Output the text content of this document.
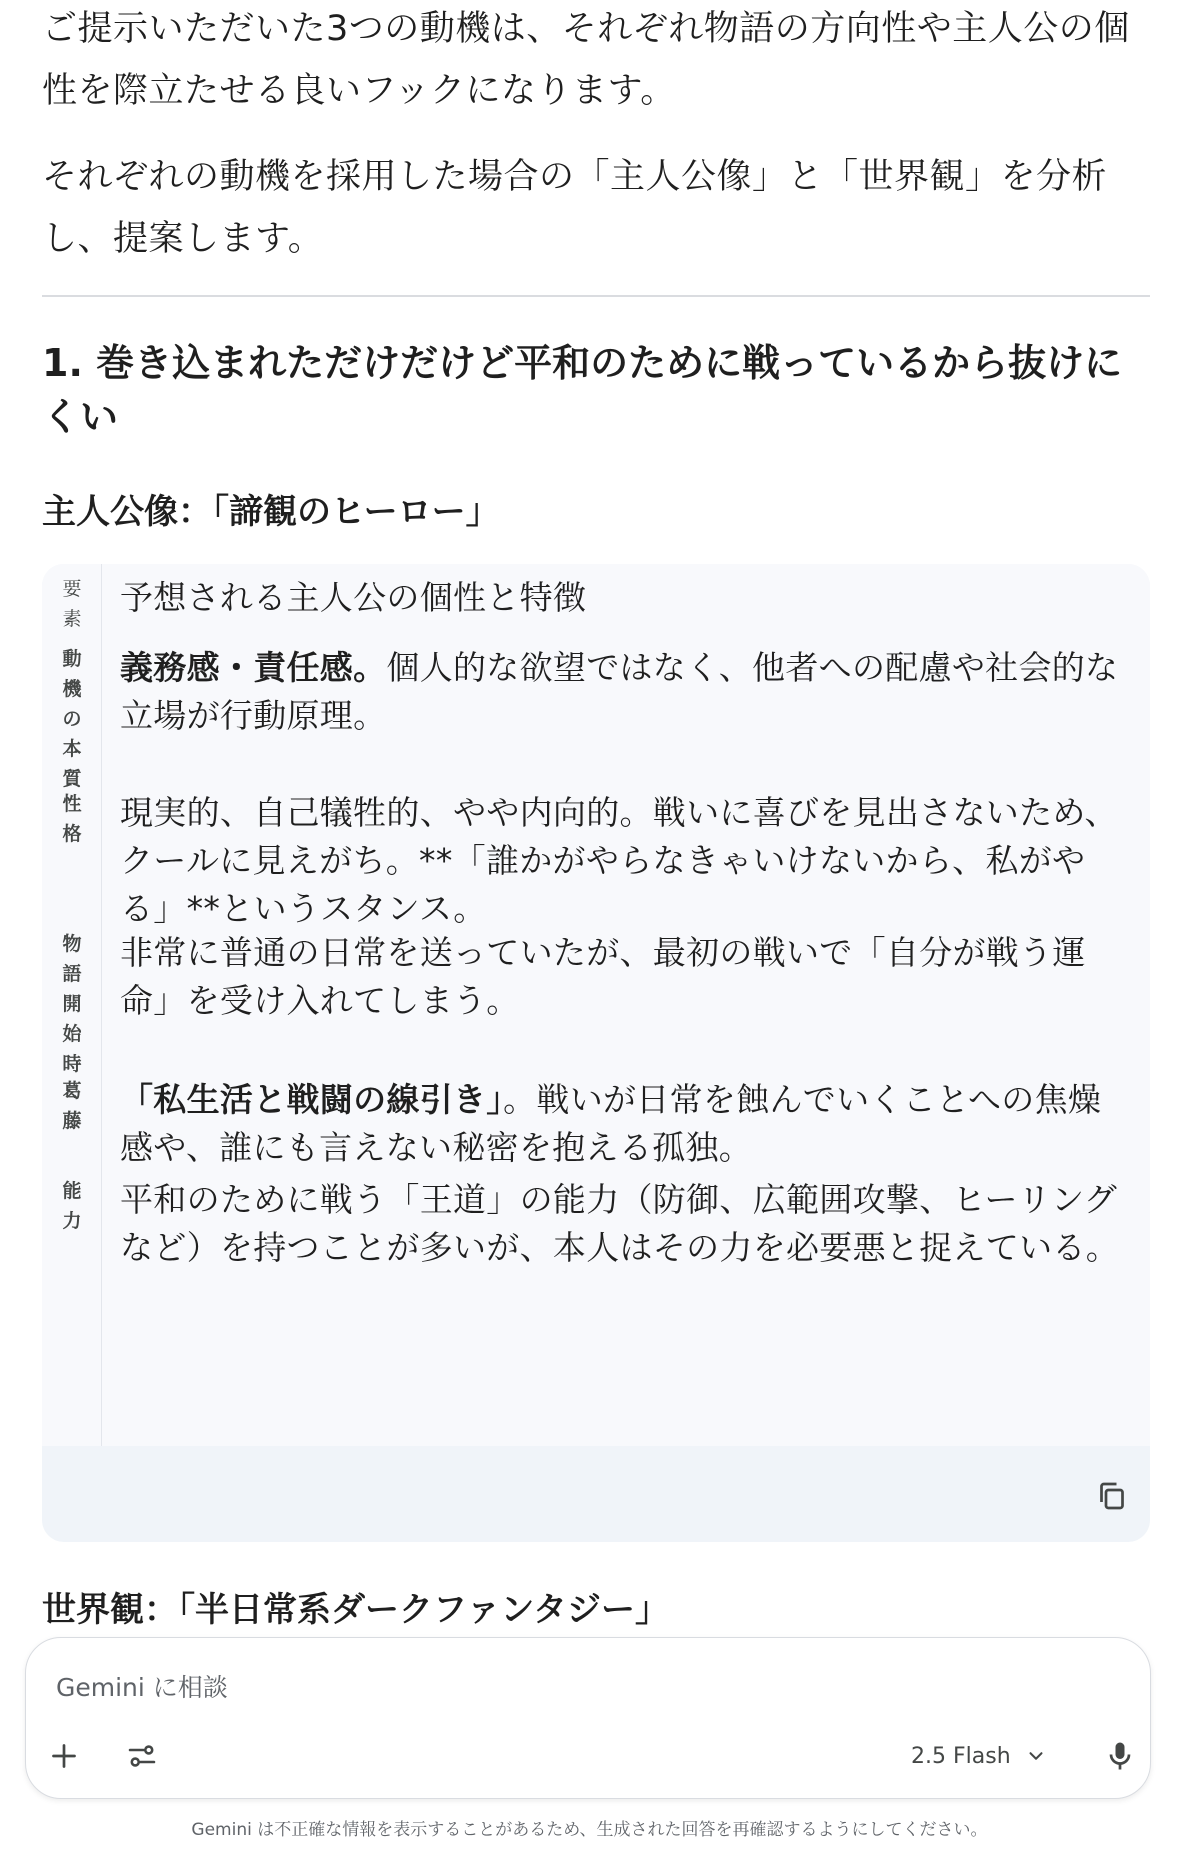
ご提示いただいた3つの動機は、それぞれ物語の方向性や主人公の個性を際立たせる良いフックになります。

それぞれの動機を採用した場合の「主人公像」と「世界観」を分析し、提案します。

1. 巻き込まれただけだけど平和のために戦っているから抜けにくい
主人公像：「諦観のヒーロー」
要
素
予想される主人公の個性と特徴
動
機
の
本
質
義務感・責任感。個人的な欲望ではなく、他者への配慮や社会的な立場が行動原理。
性
格
現実的、自己犠牲的、やや内向的。戦いに喜びを見出さないため、クールに見えがち。**「誰かがやらなきゃいけないから、私がやる」**というスタンス。
物
語
開
始
時
非常に普通の日常を送っていたが、最初の戦いで「自分が戦う運命」を受け入れてしまう。
葛
藤
「私生活と戦闘の線引き」。戦いが日常を蝕んでいくことへの焦燥感や、誰にも言えない秘密を抱える孤独。
能
力
平和のために戦う「王道」の能力（防御、広範囲攻撃、ヒーリングなど）を持つことが多いが、本人はその力を必要悪と捉えている。
世界観：「半日常系ダークファンタジー」
Gemini に相談
2.5 Flash
Gemini は不正確な情報を表示することがあるため、生成された回答を再確認するようにしてください。
